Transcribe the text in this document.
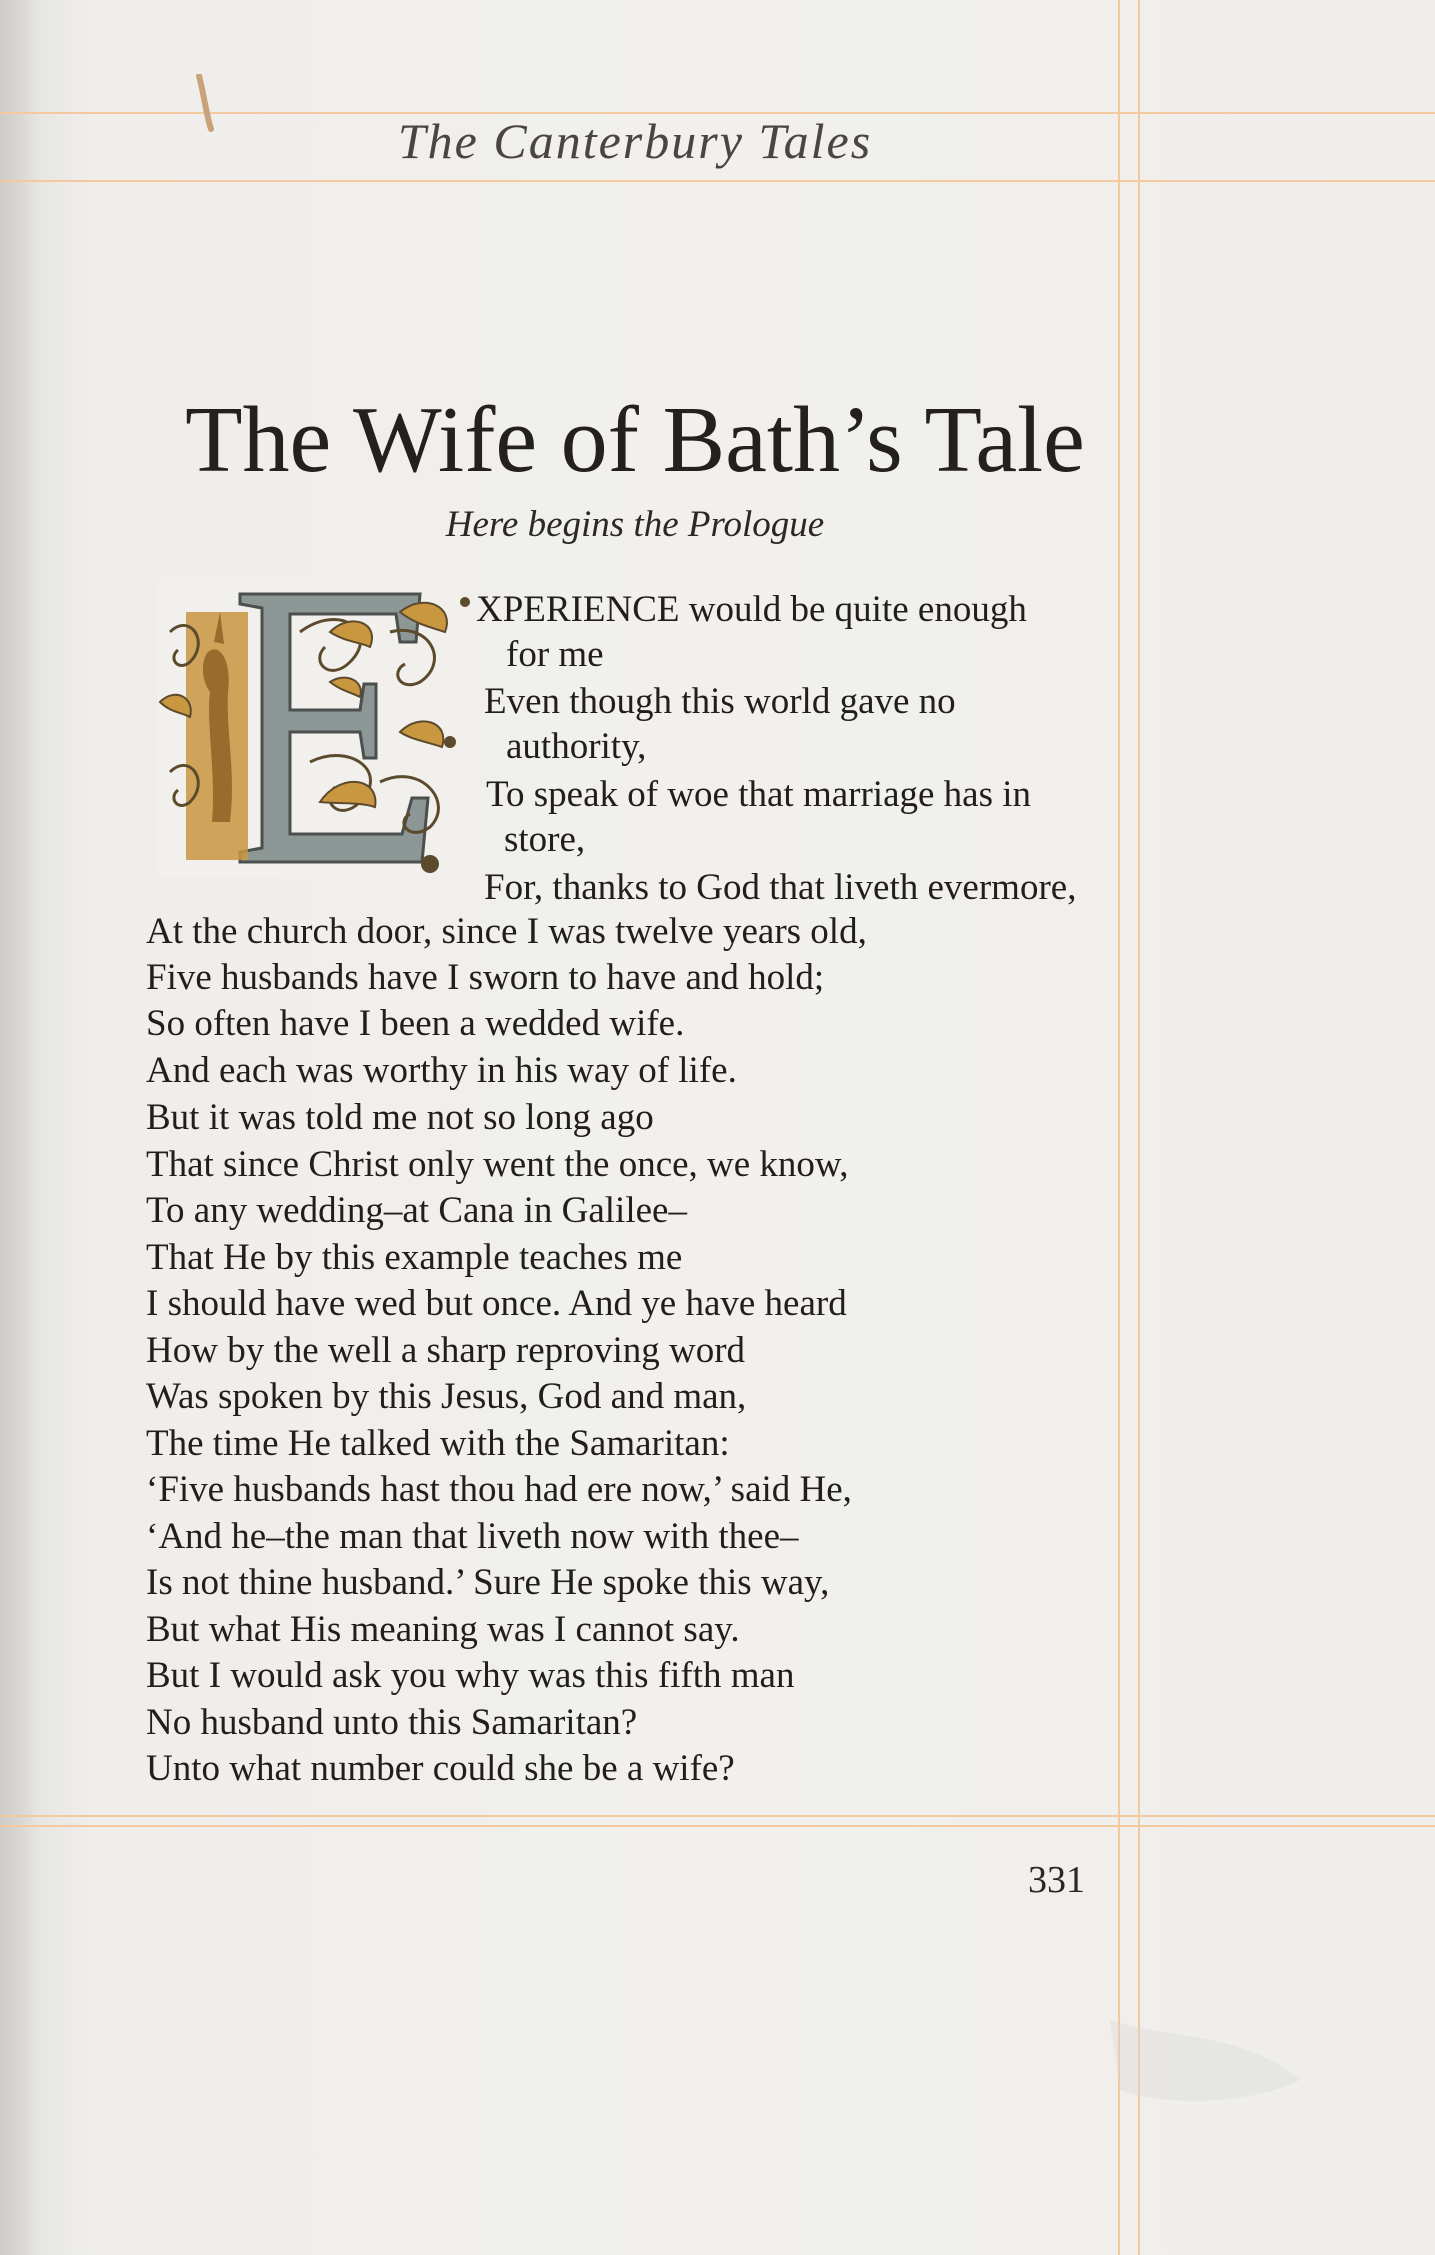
The Canterbury Tales
The Wife of Bath’s Tale
Here begins the Prologue
XPERIENCE would be quite enough
for me
Even though this world gave no
authority,
To speak of woe that marriage has in
store,
For, thanks to God that liveth evermore,
At the church door, since I was twelve years old,
Five husbands have I sworn to have and hold;
So often have I been a wedded wife.
And each was worthy in his way of life.
But it was told me not so long ago
That since Christ only went the once, we know,
To any wedding–at Cana in Galilee–
That He by this example teaches me
I should have wed but once. And ye have heard
How by the well a sharp reproving word
Was spoken by this Jesus, God and man,
The time He talked with the Samaritan:
‘Five husbands hast thou had ere now,’ said He,
‘And he–the man that liveth now with thee–
Is not thine husband.’ Sure He spoke this way,
But what His meaning was I cannot say.
But I would ask you why was this fifth man
No husband unto this Samaritan?
Unto what number could she be a wife?
331
